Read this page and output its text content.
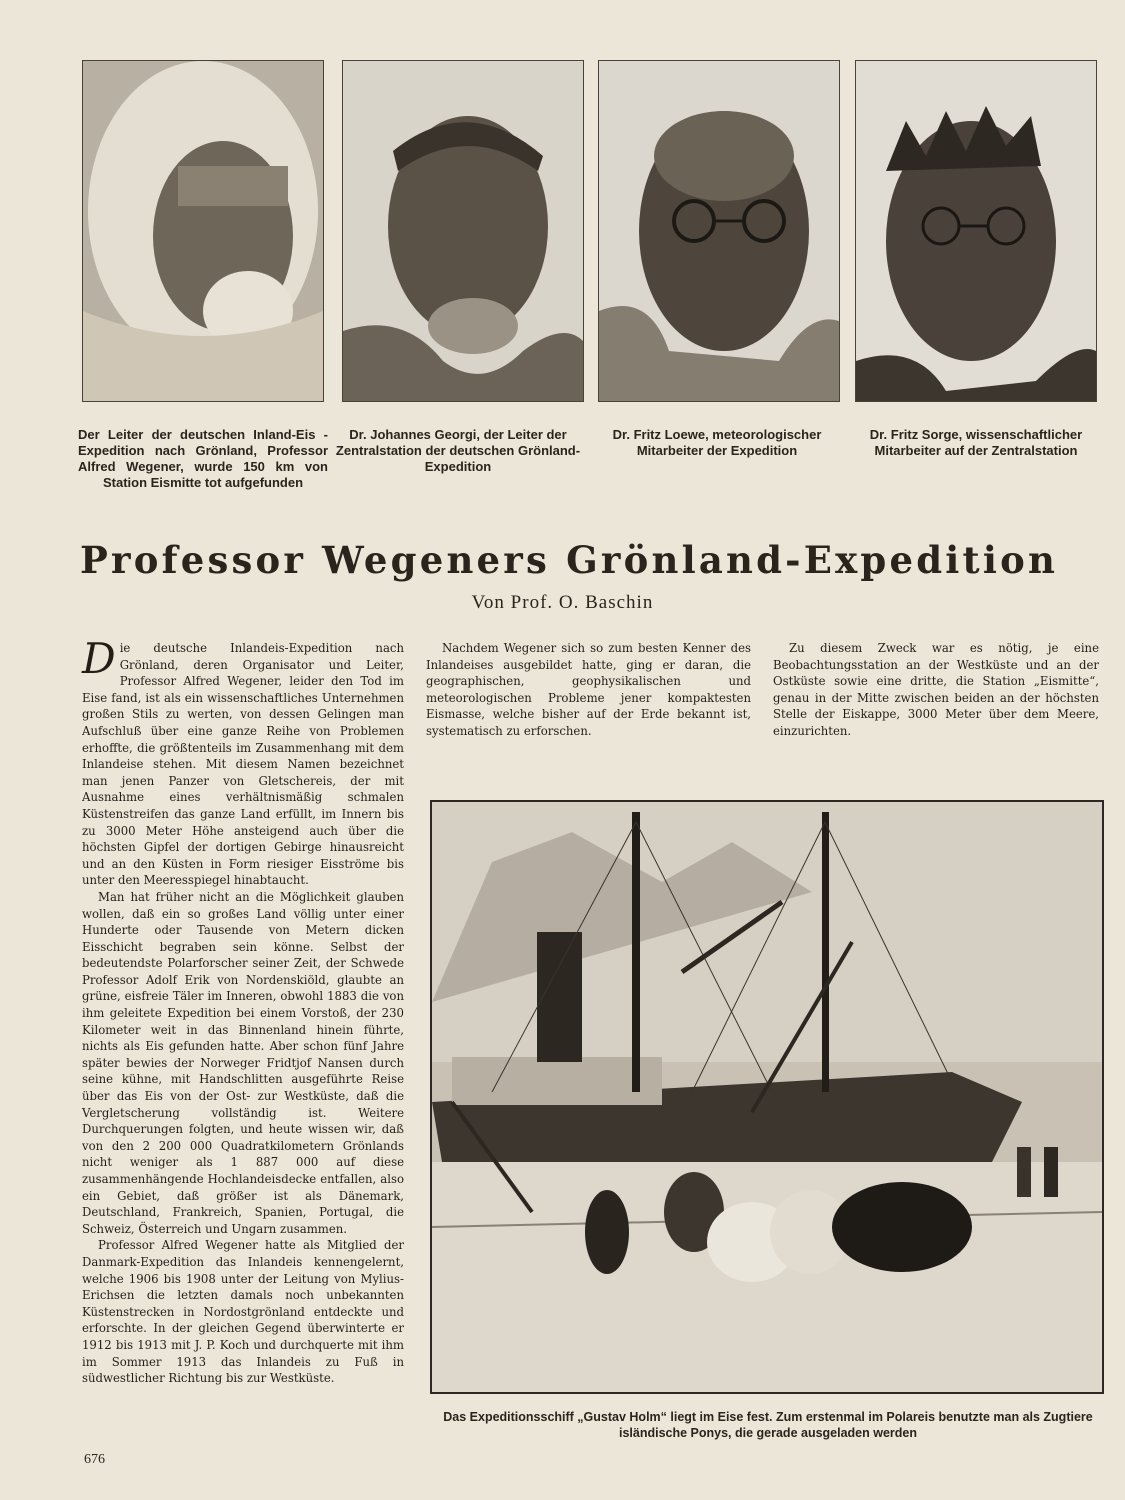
Der Leiter der deutschen Inland-Eis - Expedition nach Grönland, Professor Alfred Wegener, wurde 150 km von Station Eismitte tot aufgefunden
Dr. Johannes Georgi, der Leiter der Zentralstation der deutschen Grönland-Expedition
Dr. Fritz Loewe, meteorologischer Mitarbeiter der Expedition
Dr. Fritz Sorge, wissenschaftlicher Mitarbeiter auf der Zentralstation
Professor Wegeners Grönland-Expedition
Von Prof. O. Baschin

Die deutsche Inlandeis-Expedition nach Grönland, deren Organisator und Leiter, Professor Alfred Wegener, leider den Tod im Eise fand, ist als ein wissenschaftliches Unternehmen großen Stils zu werten, von dessen Gelingen man Aufschluß über eine ganze Reihe von Problemen erhoffte, die größtenteils im Zusammenhang mit dem Inlandeise stehen. Mit diesem Namen bezeichnet man jenen Panzer von Gletschereis, der mit Ausnahme eines verhältnismäßig schmalen Küstenstreifen das ganze Land erfüllt, im Innern bis zu 3000 Meter Höhe ansteigend auch über die höchsten Gipfel der dortigen Gebirge hinausreicht und an den Küsten in Form riesiger Eisströme bis unter den Meeresspiegel hinabtaucht.

Man hat früher nicht an die Möglichkeit glauben wollen, daß ein so großes Land völlig unter einer Hunderte oder Tausende von Metern dicken Eisschicht begraben sein könne. Selbst der bedeutendste Polarforscher seiner Zeit, der Schwede Professor Adolf Erik von Nordenskiöld, glaubte an grüne, eisfreie Täler im Inneren, obwohl 1883 die von ihm geleitete Expedition bei einem Vorstoß, der 230 Kilometer weit in das Binnenland hinein führte, nichts als Eis gefunden hatte. Aber schon fünf Jahre später bewies der Norweger Fridtjof Nansen durch seine kühne, mit Handschlitten ausgeführte Reise über das Eis von der Ost- zur Westküste, daß die Vergletscherung vollständig ist. Weitere Durchquerungen folgten, und heute wissen wir, daß von den 2 200 000 Quadratkilometern Grönlands nicht weniger als 1 887 000 auf diese zusammenhängende Hochlandeisdecke entfallen, also ein Gebiet, daß größer ist als Dänemark, Deutschland, Frankreich, Spanien, Portugal, die Schweiz, Österreich und Ungarn zusammen.

Professor Alfred Wegener hatte als Mitglied der Danmark-Expedition das Inlandeis kennengelernt, welche 1906 bis 1908 unter der Leitung von Mylius-Erichsen die letzten damals noch unbekannten Küstenstrecken in Nordostgrönland entdeckte und erforschte. In der gleichen Gegend überwinterte er 1912 bis 1913 mit J. P. Koch und durchquerte mit ihm im Sommer 1913 das Inlandeis zu Fuß in südwestlicher Richtung bis zur Westküste.

Nachdem Wegener sich so zum besten Kenner des Inlandeises ausgebildet hatte, ging er daran, die geographischen, geophysikalischen und meteorologischen Probleme jener kompaktesten Eismasse, welche bisher auf der Erde bekannt ist, systematisch zu erforschen.

Zu diesem Zweck war es nötig, je eine Beobachtungsstation an der Westküste und an der Ostküste sowie eine dritte, die Station „Eismitte“, genau in der Mitte zwischen beiden an der höchsten Stelle der Eiskappe, 3000 Meter über dem Meere, einzurichten.

Das Expeditionsschiff „Gustav Holm“ liegt im Eise fest. Zum erstenmal im Polareis benutzte man als Zugtiere isländische Ponys, die gerade ausgeladen werden
676
